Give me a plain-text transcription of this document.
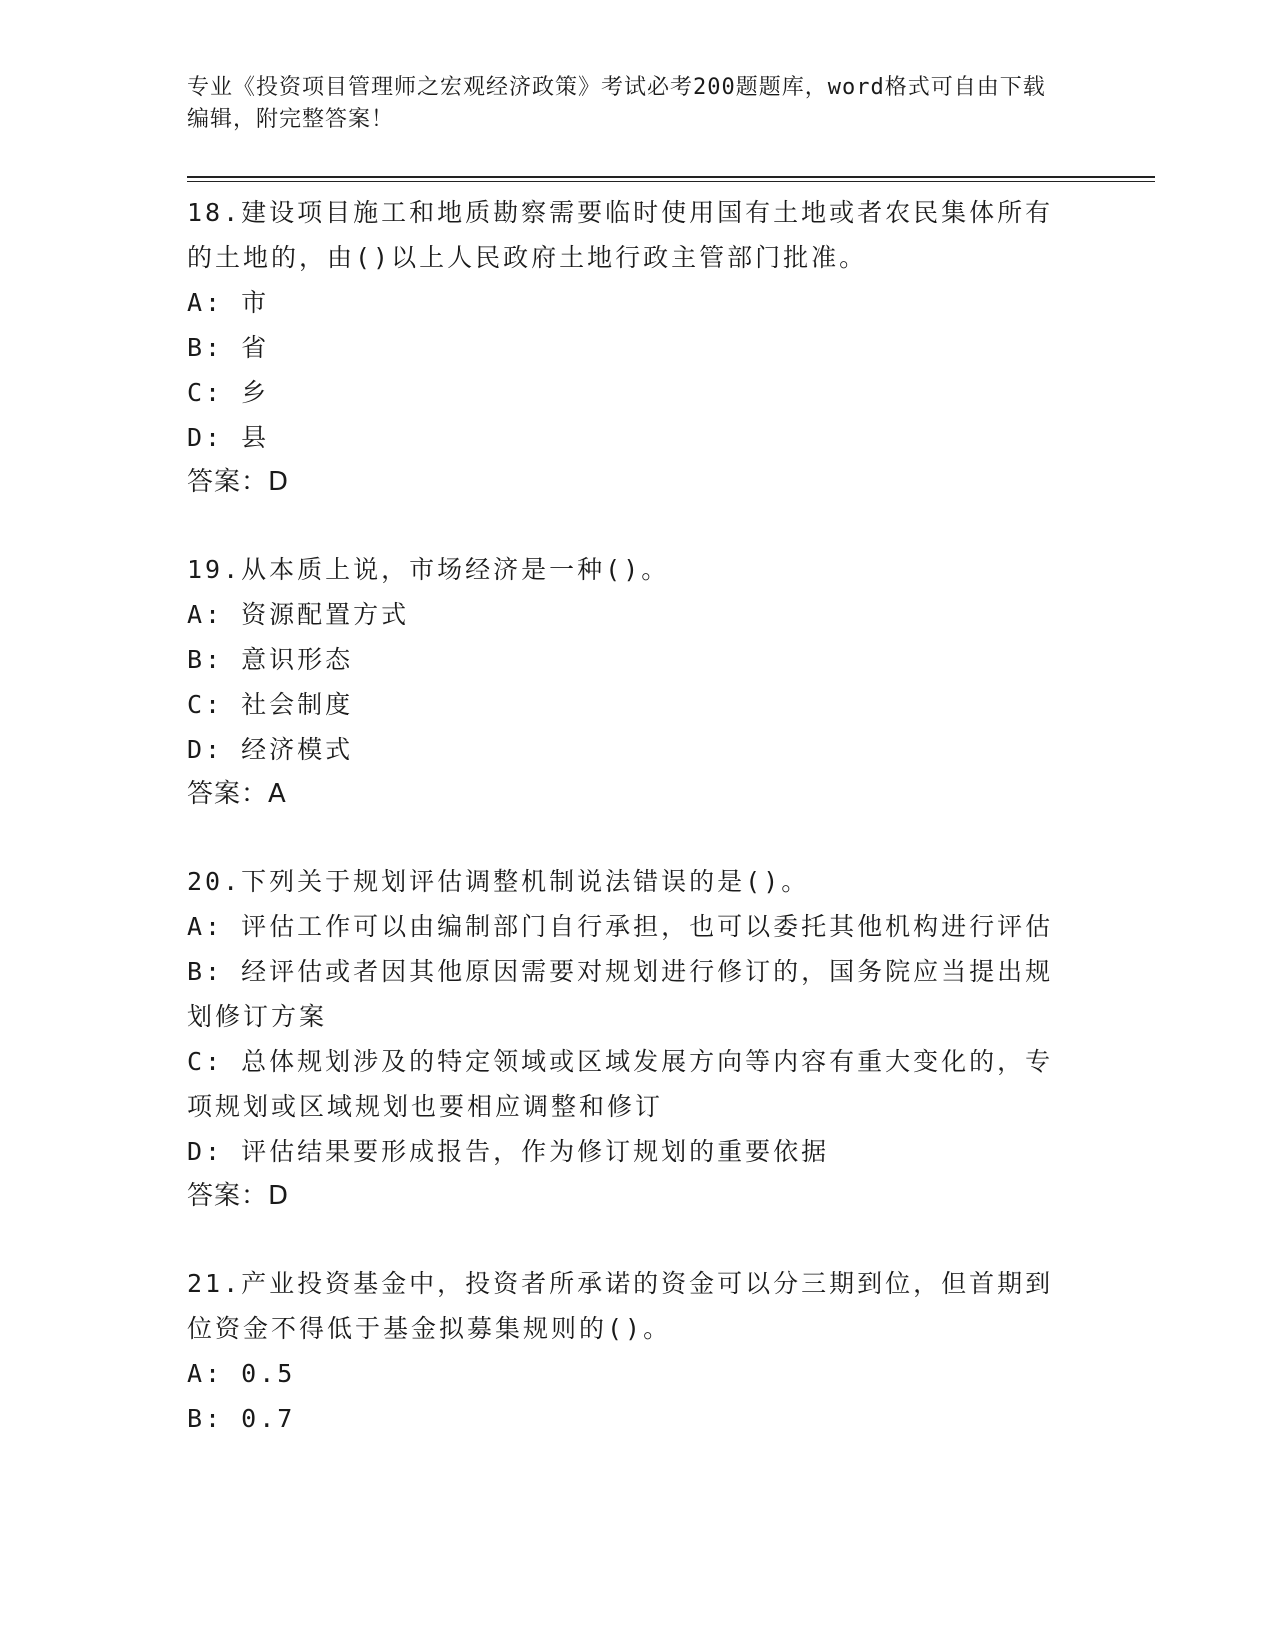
专业《投资项目管理师之宏观经济政策》考试必考200题题库，word格式可自由下载编辑，附完整答案！
18.建设项目施工和地质勘察需要临时使用国有土地或者农民集体所有的土地的，由()以上人民政府土地行政主管部门批准。
A: 市
B: 省
C: 乡
D: 县
答案：D
19.从本质上说，市场经济是一种()。
A: 资源配置方式
B: 意识形态
C: 社会制度
D: 经济模式
答案：A
20.下列关于规划评估调整机制说法错误的是()。
A: 评估工作可以由编制部门自行承担，也可以委托其他机构进行评估
B: 经评估或者因其他原因需要对规划进行修订的，国务院应当提出规划修订方案
C: 总体规划涉及的特定领域或区域发展方向等内容有重大变化的，专项规划或区域规划也要相应调整和修订
D: 评估结果要形成报告，作为修订规划的重要依据
答案：D
21.产业投资基金中，投资者所承诺的资金可以分三期到位，但首期到位资金不得低于基金拟募集规则的()。
A: 0.5
B: 0.7
